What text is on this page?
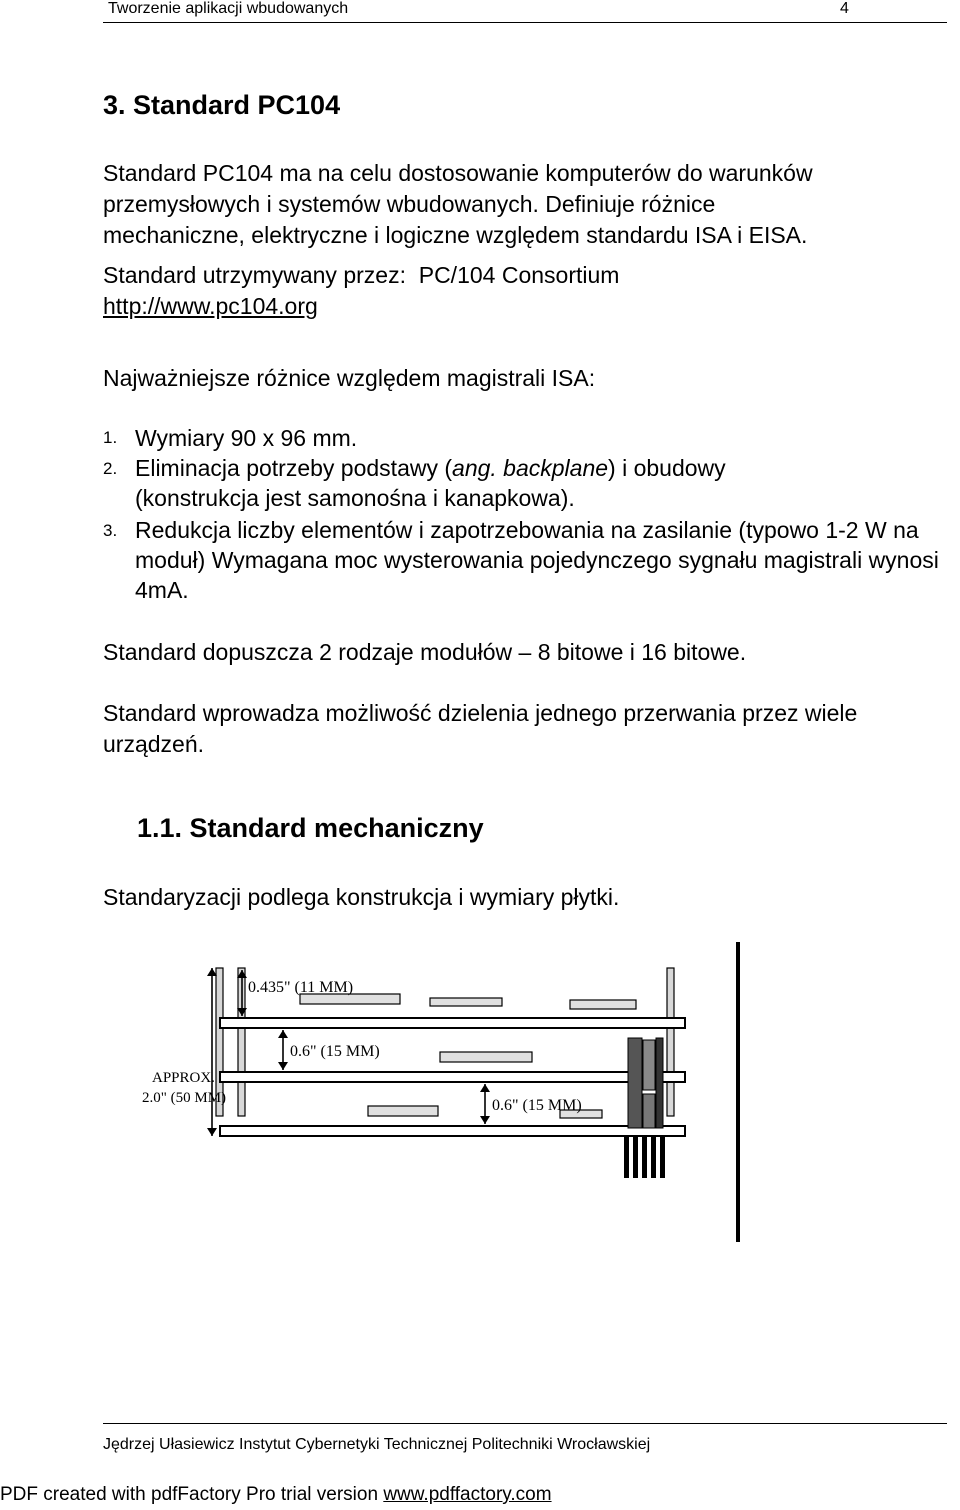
Tworzenie aplikacji wbudowanych	4
3. Standard PC104
Standard PC104 ma na celu dostosowanie komputerów do warunków
przemysłowych i systemów wbudowanych. Definiuje różnice
mechaniczne, elektryczne i logiczne względem standardu ISA i EISA.
Standard utrzymywany przez: PC/104 Consortium
http://www.pc104.org
Najważniejsze różnice względem magistrali ISA:
1. Wymiary 90 x 96 mm.
2. Eliminacja potrzeby podstawy (ang. backplane) i obudowy (konstrukcja jest samonośna i kanapkowa).
3. Redukcja liczby elementów i zapotrzebowania na zasilanie (typowo 1-2 W na moduł) Wymagana moc wysterowania pojedynczego sygnału magistrali wynosi 4mA.
Standard dopuszcza 2 rodzaje modułów – 8 bitowe i 16 bitowe.
Standard wprowadza możliwość dzielenia jednego przerwania przez wiele urządzeń.
1.1. Standard mechaniczny
Standaryzacji podlega konstrukcja i wymiary płytki.
0.435" (11 MM)
0.6" (15 MM)
0.6" (15 MM)
APPROX.
2.0" (50 MM)
Jędrzej Ułasiewicz Instytut Cybernetyki Technicznej Politechniki Wrocławskiej
PDF created with pdfFactory Pro trial version www.pdffactory.com
